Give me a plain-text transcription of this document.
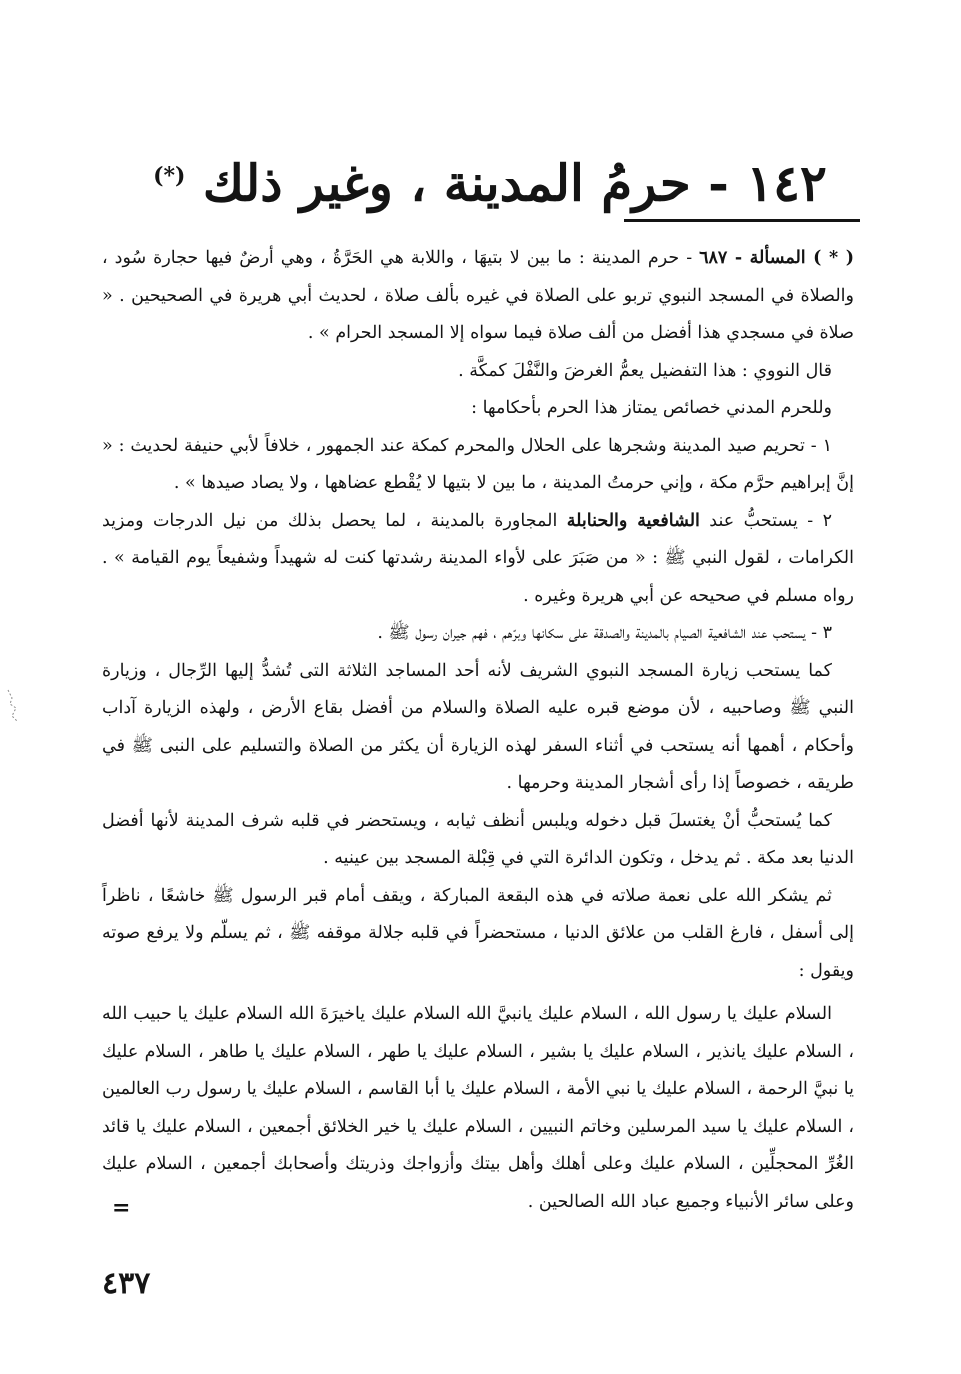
١٤٢ - حرمُ المدينة ، وغير ذلك (*)

( * ) المسألة - ٦٨٧ - حرم المدينة : ما بين لا بتيهَا ، واللابة هي الحَرَّةُ ، وهي أرضٌ فيها حجارة سُود ، والصلاة في المسجد النبوي تربو على الصلاة في غيره بألف صلاة ، لحديث أبي هريرة في الصحيحين . « صلاة في مسجدي هذا أفضل من ألف صلاة فيما سواه إلا المسجد الحرام » .

قال النووي : هذا التفضيل يعمُّ الغرضَ والنَّفْلَ كمكَّة .

وللحرم المدني خصائص يمتاز هذا الحرم بأحكامها :

١ - تحريم صيد المدينة وشجرها على الحلال والمحرم كمكة عند الجمهور ، خلافاً لأبي حنيفة لحديث : « إنَّ إبراهيم حرَّم مكة ، وإني حرمتُ المدينة ، ما بين لا بتيها لا يُقْطع عضاهها ، ولا يصاد صيدها » .

٢ - يستحبُّ عند الشافعية والحنابلة المجاورة بالمدينة ، لما يحصل بذلك من نيل الدرجات ومزيد الكرامات ، لقول النبي ﷺ : « من صَبَرَ على لأواء المدينة رشدتها كنت له شهيداً وشفيعاً يوم القيامة » . رواه مسلم في صحيحه عن أبي هريرة وغيره .

٣ - يستحب عند الشافعية الصيام بالمدينة والصدقة على سكانها وبرّهم ، فهم جيران رسول ﷺ .

كما يستحب زيارة المسجد النبوي الشريف لأنه أحد المساجد الثلاثة التى تُشدُّ إليها الرِّجال ، وزيارة النبي ﷺ وصاحبيه ، لأن موضع قبره عليه الصلاة والسلام من أفضل بقاع الأرض ، ولهذه الزيارة آداب وأحكام ، أهمها أنه يستحب في أثناء السفر لهذه الزيارة أن يكثر من الصلاة والتسليم على النبى ﷺ في طريقه ، خصوصاً إذا رأى أشجار المدينة وحرمها .

كما يُستحبُّ أنْ يغتسلَ قبل دخوله ويلبس أنظف ثيابه ، ويستحضر في قلبه شرف المدينة لأنها أفضل الدنيا بعد مكة . ثم يدخل ، وتكون الدائرة التي في قِبْلة المسجد بين عينيه .

ثم يشكر الله على نعمة صلاته في هذه البقعة المباركة ، ويقف أمام قبر الرسول ﷺ خاشعًا ، ناظراً إلى أسفل ، فارغ القلب من علائق الدنيا ، مستحضراً في قلبه جلالة موقفه ﷺ ، ثم يسلّم ولا يرفع صوته ويقول :

السلام عليك يا رسول الله ، السلام عليك يانبيَّ الله السلام عليك ياخيرَةَ الله السلام عليك يا حبيب الله ، السلام عليك يانذير ، السلام عليك يا بشير ، السلام عليك يا طهر ، السلام عليك يا طاهر ، السلام عليك يا نبيَّ الرحمة ، السلام عليك يا نبي الأمة ، السلام عليك يا أبا القاسم ، السلام عليك يا رسول رب العالمين ، السلام عليك يا سيد المرسلين وخاتم النبيين ، السلام عليك يا خير الخلائق أجمعين ، السلام عليك يا قائد الغُرِّ المحجلِّين ، السلام عليك وعلى أهلك وأهل بيتك وأزواجك وذريتك وأصحابك أجمعين ، السلام عليك وعلى سائر الأنبياء وجميع عباد الله الصالحين .

=
٤٣٧
